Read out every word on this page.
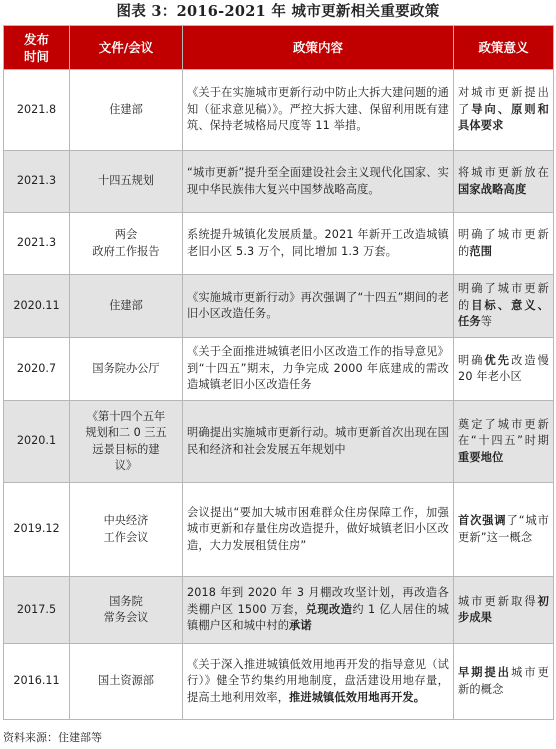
图表 3：2016-2021 年 城市更新相关重要政策
发布
时间	文件/会议	政策内容	政策意义
2021.8	住建部	《关于在实施城市更新行动中防止大拆大建问题的通知（征求意见稿）》。严控大拆大建、保留利用既有建筑、保持老城格局尺度等 11 举措。	对城市更新提出了导向、原则和具体要求
2021.3	十四五规划	“城市更新”提升至全面建设社会主义现代化国家、实现中华民族伟大复兴中国梦战略高度。	将城市更新放在国家战略高度
2021.3	两会
政府工作报告	系统提升城镇化发展质量。2021 年新开工改造城镇老旧小区 5.3 万个，同比增加 1.3 万套。	明确了城市更新的范围
2020.11	住建部	《实施城市更新行动》再次强调了“十四五”期间的老旧小区改造任务。	明确了城市更新的目标、意义、任务等
2020.7	国务院办公厅	《关于全面推进城镇老旧小区改造工作的指导意见》到“十四五”期末，力争完成 2000 年底建成的需改造城镇老旧小区改造任务	明确优先改造慢 20 年老小区
2020.1	《第十四个五年
规划和二 0 三五
远景目标的建
议》	明确提出实施城市更新行动。城市更新首次出现在国民和经济和社会发展五年规划中	奠定了城市更新在“十四五”时期重要地位
2019.12	中央经济
工作会议	会议提出“要加大城市困难群众住房保障工作，加强城市更新和存量住房改造提升，做好城镇老旧小区改造，大力发展租赁住房”	首次强调了“城市更新”这一概念
2017.5	国务院
常务会议	2018 年到 2020 年 3 月棚改攻坚计划，再改造各类棚户区 1500 万套，兑现改造约 1 亿人居住的城镇棚户区和城中村的承诺	城市更新取得初步成果
2016.11	国土资源部	《关于深入推进城镇低效用地再开发的指导意见（试行）》健全节约集约用地制度，盘活建设用地存量，提高土地利用效率，推进城镇低效用地再开发。	早期提出城市更新的概念
资料来源：住建部等
